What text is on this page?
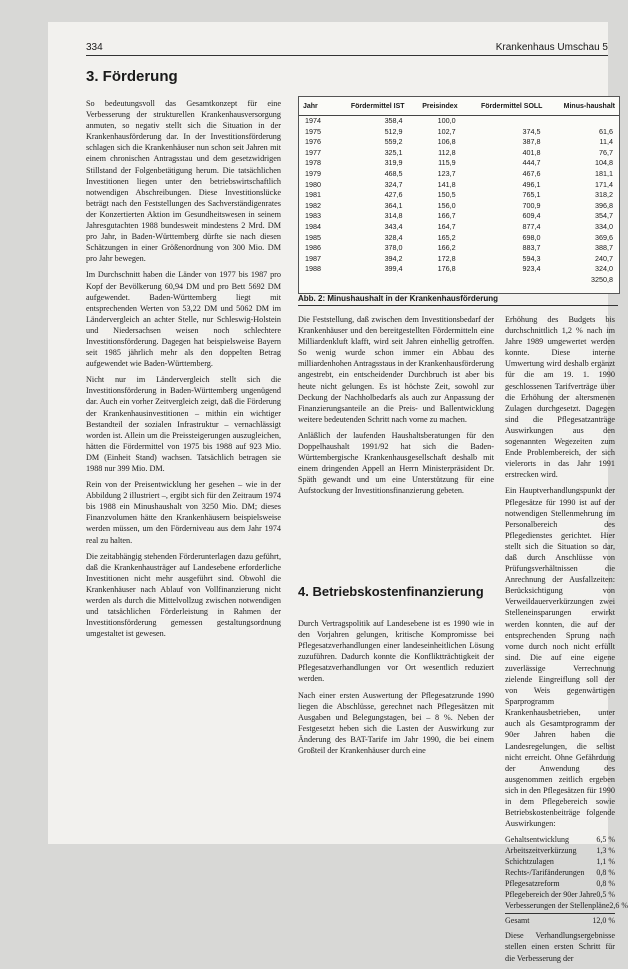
334	Krankenhaus Umschau 5
3. Förderung

So bedeutungsvoll das Gesamtkonzept für eine Verbesserung der strukturellen Krankenhausversorgung anmuten, so negativ stellt sich die Situation in der Krankenhausförderung dar. In der Investitionsförderung schlagen sich die Krankenhäuser nun schon seit Jahren mit einem chronischen Antragsstau und dem gesetzwidrigen Stillstand der Folgenbetätigung herum. Die tatsächlichen Investitionen liegen unter den betriebswirtschaftlich notwendigen Abschreibungen. Diese Investitionslücke beträgt nach den Feststellungen des Sachverständigenrates der Konzertierten Aktion im Gesundheitswesen in seinem Jahresgutachten 1988 bundesweit mindestens 2 Mrd. DM pro Jahr, in Baden-Württemberg dürfte sie nach diesen Schätzungen in einer Größenordnung von 300 Mio. DM pro Jahr bewegen.

Im Durchschnitt haben die Länder von 1977 bis 1987 pro Kopf der Bevölkerung 60,94 DM und pro Bett 5692 DM aufgewendet. Baden-Württemberg liegt mit entsprechenden Werten von 53,22 DM und 5062 DM im Ländervergleich an achter Stelle, nur Schleswig-Holstein und Niedersachsen weisen noch schlechtere Investitionsförderung. Dagegen hat beispielsweise Bayern seit 1985 jährlich mehr als den doppelten Betrag aufgewendet wie Baden-Württemberg.

Nicht nur im Ländervergleich stellt sich die Investitionsförderung in Baden-Württemberg ungenügend dar. Auch ein vorher Zeitvergleich zeigt, daß die Förderung der Krankenhausinvestitionen – mithin ein wichtiger Bestandteil der sozialen Infrastruktur – vernachlässigt worden ist. Allein um die Preissteigerungen auszugleichen, hätten die Fördermittel von 1975 bis 1988 auf 923 Mio. DM (Einheit Stand) wachsen. Tatsächlich betragen sie 1988 nur 399 Mio. DM.

Rein von der Preisentwicklung her gesehen – wie in der Abbildung 2 illustriert –, ergibt sich für den Zeitraum 1974 bis 1988 ein Minushaushalt von 3250 Mio. DM; dieses Finanzvolumen hätte den Krankenhäusern beispielsweise werden müssen, um den Förderniveau aus dem Jahr 1974 real zu halten.

Die zeitabhängig stehenden Förderunterlagen dazu geführt, daß die Krankenhausträger auf Landesebene erforderliche Investitionen nicht mehr ausgeführt sind. Obwohl die Krankenhäuser nach Ablauf von Vollfinanzierung nicht werden als durch die Mittelvollzug zwischen notwendigen und tatsächlichen Förderleistung in Rahmen der Investitionsförderung gemessen gestaltungsordnung umgestaltet ist gewesen.

Jahr	Fördermittel IST	Preisindex	Fördermittel SOLL	Minus-haushalt
1974	358,4	100,0		
1975	512,9	102,7	374,5	61,6
1976	559,2	106,8	387,8	11,4
1977	325,1	112,8	401,8	76,7
1978	319,9	115,9	444,7	104,8
1979	468,5	123,7	467,6	181,1
1980	324,7	141,8	496,1	171,4
1981	427,6	150,5	765,1	318,2
1982	364,1	156,0	700,9	396,8
1983	314,8	166,7	609,4	354,7
1984	343,4	164,7	877,4	334,0
1985	328,4	165,2	698,0	369,6
1986	378,0	166,2	883,7	388,7
1987	394,2	172,8	594,3	240,7
1988	399,4	176,8	923,4	324,0
				3250,8
Abb. 2: Minushaushalt in der Krankenhausförderung

Die Feststellung, daß zwischen dem Investitionsbedarf der Krankenhäuser und den bereitgestellten Fördermitteln eine Milliardenkluft klafft, wird seit Jahren einhellig getroffen. So wenig wurde schon immer ein Abbau des milliardenhohen Antragsstaus in der Krankenhausförderung angestrebt, ein entscheidender Durchbruch ist aber bis heute nicht gelungen. Es ist höchste Zeit, sowohl zur Deckung der Nachholbedarfs als auch zur Anpassung der Finanzierungsanteile an die Preis- und Ballentwicklung weitere bedeutenden Schritt nach vorne zu machen.

Anläßlich der laufenden Haushaltsberatungen für den Doppelhaushalt 1991/92 hat sich die Baden-Württembergische Krankenhausgesellschaft deshalb mit einem dringenden Appell an Herrn Ministerpräsident Dr. Späth gewandt und um eine Unterstützung für eine Aufstockung der Investitionsfinanzierung gebeten.

4. Betriebskostenfinanzierung

Durch Vertragspolitik auf Landesebene ist es 1990 wie in den Vorjahren gelungen, kritische Kompromisse bei Pflegesatzverhandlungen einer landeseinheitlichen Lösung zuzuführen. Dadurch konnte die Konfliktträchtigkeit der Pflegesatzverhandlungen vor Ort wesentlich reduziert werden.

Nach einer ersten Auswertung der Pflegesatzrunde 1990 liegen die Abschlüsse, gerechnet nach Pflegesätzen mit Ausgaben und Belegungstagen, bei – 8 %. Neben der Festgesetzt heben sich die Lasten der Auswirkung zur Änderung des BAT-Tarife im Jahr 1990, die bei einem Großteil der Krankenhäuser durch eine

Erhöhung des Budgets bis durchschnittlich 1,2 % nach im Jahre 1989 umgewertet werden konnte. Diese interne Umwertung wird deshalb ergänzt für die am 19. 1. 1990 geschlossenen Tarifverträge über die Erhöhung der altersmenen Zulagen durchgesetzt. Dagegen sind die Pflegesatzanträge Auswirkungen aus den sogenannten Wegezeiten zum Ende Problembereich, der sich vielerorts in das Jahr 1991 erstrecken wird.

Ein Hauptverhandlungspunkt der Pflegesätze für 1990 ist auf der notwendigen Stellenmehrung im Personalbereich des Pflegedienstes gerichtet. Hier stellt sich die Situation so dar, daß durch Anschlüsse von Prüfungsverhältnissen die Anrechnung der Ausfallzeiten: Berücksichtigung von Verweildauerverkürzungen zwei Stelleneinsparungen erwirkt werden konnten, die auf der entsprechenden Sprung nach vorne durch noch nicht erfüllt sind. Die auf eine eigene zuverlässige Verrechnung zielende Eingreiflung soll der von Weis gegenwärtigen Sparprogramm Krankenhausbetrieben, unter auch als Gesamtprogramm der 90er Jahren haben die Landesregelungen, die selbst nicht erreicht. Ohne Gefährdung der Anwendung des ausgenommen zeitlich ergeben sich in den Pflegesätzen für 1990 in dem Pflegebereich sowie Betriebskostenbeiträge folgende Auswirkungen:

Gehaltsentwicklung	6,5 %
Arbeitszeitverkürzung 1,3 %
Schichtzulagen	1,1 %
Rechts-/Tarifänderungen 0,8 %
Pflegesatzreform	0,8 %
Pflegebereich der 90er Jahre 0,5 %
Verbesserungen der Stellenpläne 2,6 %
Gesamt	12,0 %

Diese Verhandlungsergebnisse stellen einen ersten Schritt für die Verbesserung der
